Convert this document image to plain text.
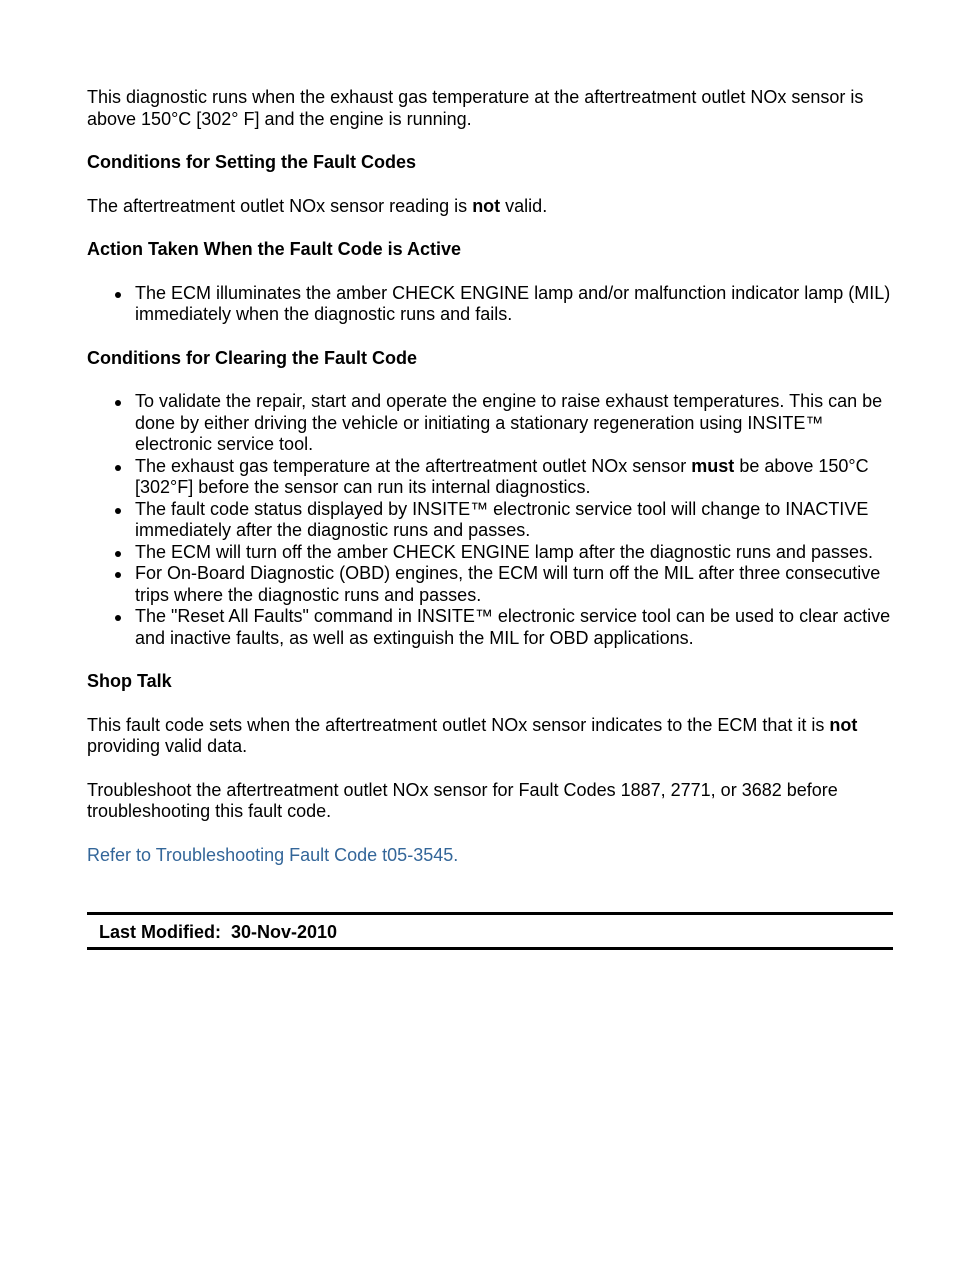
This diagnostic runs when the exhaust gas temperature at the aftertreatment outlet NOx sensor is above 150°C [302° F] and the engine is running.

Conditions for Setting the Fault Codes

The aftertreatment outlet NOx sensor reading is not valid.

Action Taken When the Fault Code is Active

The ECM illuminates the amber CHECK ENGINE lamp and/or malfunction indicator lamp (MIL) immediately when the diagnostic runs and fails.

Conditions for Clearing the Fault Code

To validate the repair, start and operate the engine to raise exhaust temperatures. This can be done by either driving the vehicle or initiating a stationary regeneration using INSITE™ electronic service tool.
The exhaust gas temperature at the aftertreatment outlet NOx sensor must be above 150°C [302°F] before the sensor can run its internal diagnostics.
The fault code status displayed by INSITE™ electronic service tool will change to INACTIVE immediately after the diagnostic runs and passes.
The ECM will turn off the amber CHECK ENGINE lamp after the diagnostic runs and passes.
For On-Board Diagnostic (OBD) engines, the ECM will turn off the MIL after three consecutive trips where the diagnostic runs and passes.
The "Reset All Faults" command in INSITE™ electronic service tool can be used to clear active and inactive faults, as well as extinguish the MIL for OBD applications.

Shop Talk

This fault code sets when the aftertreatment outlet NOx sensor indicates to the ECM that it is not providing valid data.

Troubleshoot the aftertreatment outlet NOx sensor for Fault Codes 1887, 2771, or 3682 before troubleshooting this fault code.

Refer to Troubleshooting Fault Code t05-3545.

Last Modified:  30-Nov-2010
